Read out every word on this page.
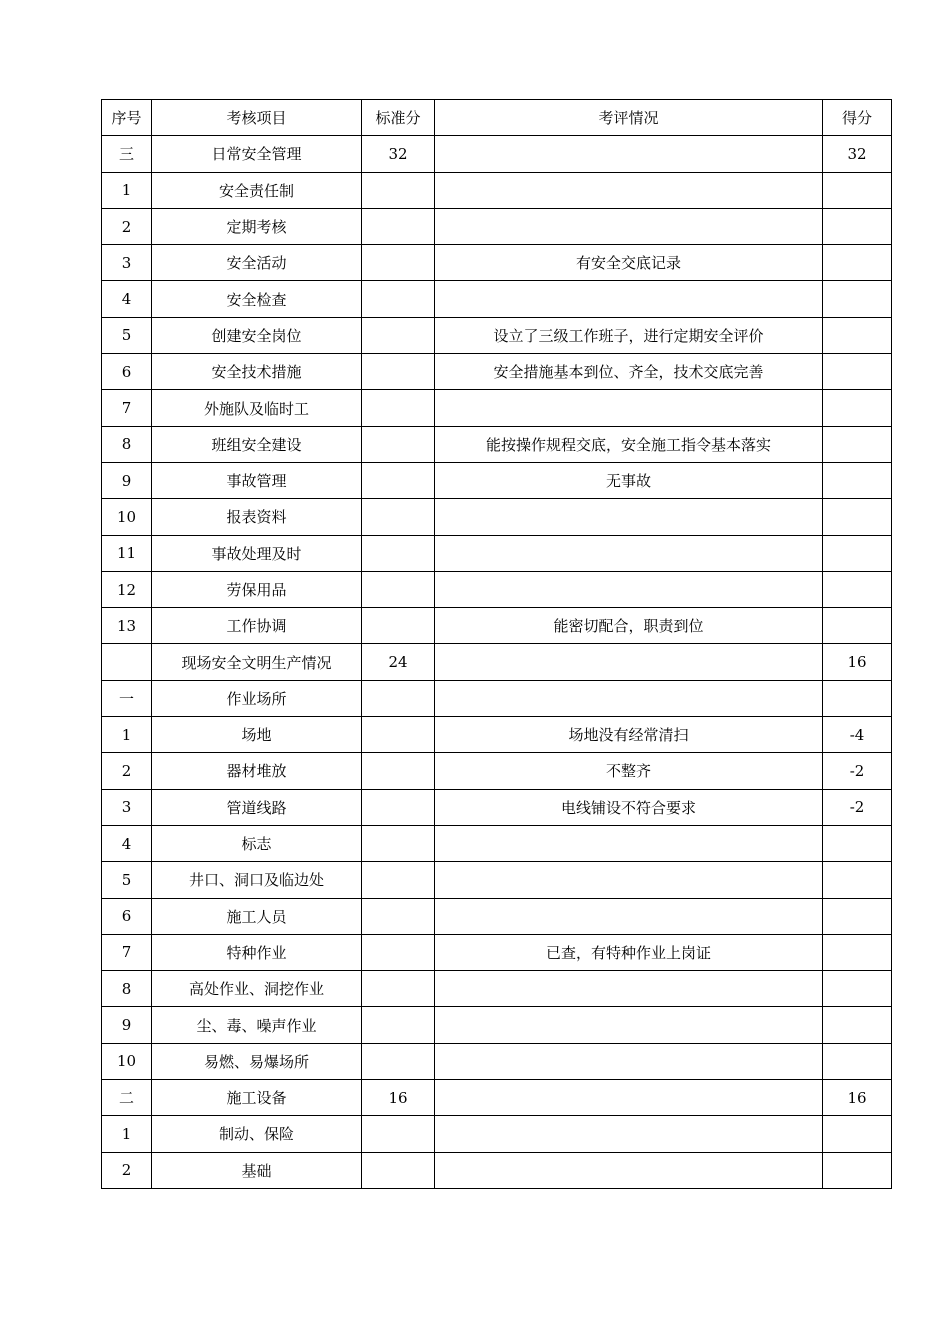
序号	考核项目	标准分	考评情况	得分
三	日常安全管理	32		32
1	安全责任制			
2	定期考核			
3	安全活动		有安全交底记录	
4	安全检查			
5	创建安全岗位		设立了三级工作班子，进行定期安全评价	
6	安全技术措施		安全措施基本到位、齐全，技术交底完善	
7	外施队及临时工			
8	班组安全建设		能按操作规程交底，安全施工指令基本落实	
9	事故管理		无事故	
10	报表资料			
11	事故处理及时			
12	劳保用品			
13	工作协调		能密切配合，职责到位	
	现场安全文明生产情况	24		16
一	作业场所			
1	场地		场地没有经常清扫	-4
2	器材堆放		不整齐	-2
3	管道线路		电线铺设不符合要求	-2
4	标志			
5	井口、洞口及临边处			
6	施工人员			
7	特种作业		已查，有特种作业上岗证	
8	高处作业、洞挖作业			
9	尘、毒、噪声作业			
10	易燃、易爆场所			
二	施工设备	16		16
1	制动、保险			
2	基础			
